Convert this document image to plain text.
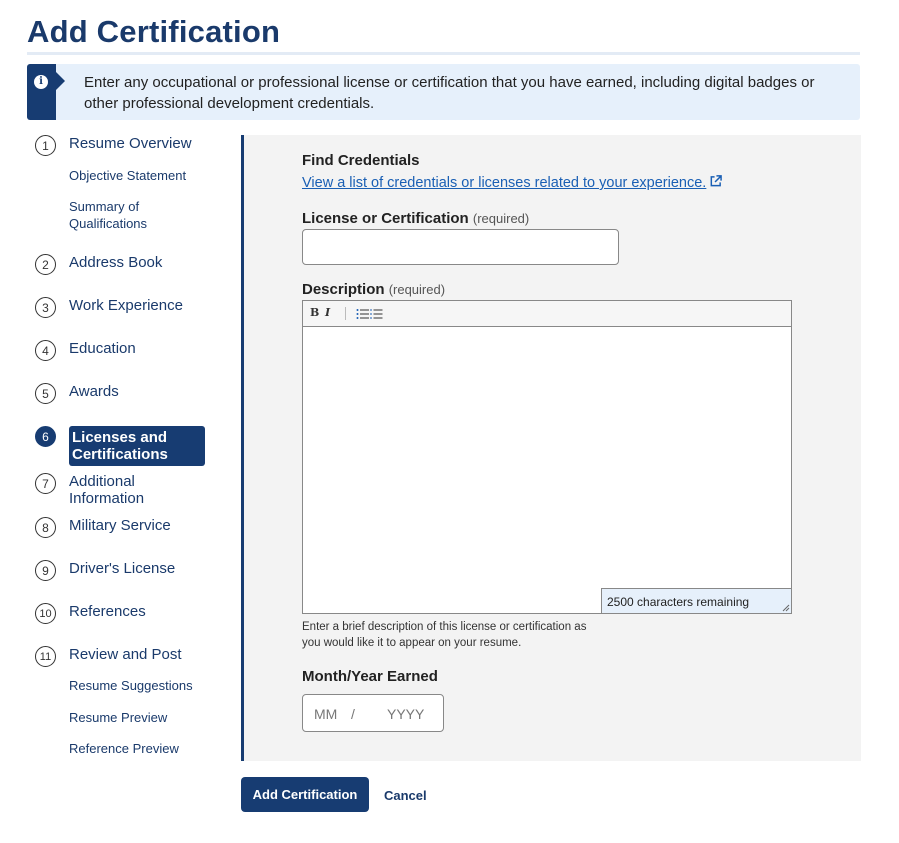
Add Certification
i	Enter any occupational or professional license or certification that you have earned, including digital badges or other professional development credentials.
1	Resume Overview
Objective Statement
Summary of Qualifications
2	Address Book
3	Work Experience
4	Education
5	Awards
6	Licenses and Certifications
7	Additional Information
8	Military Service
9	Driver's License
10 References
11	Review and Post
Resume Suggestions
Resume Preview
Reference Preview
Find Credentials
View a list of credentials or licenses related to your experience.
License or Certification (required)
Description (required)
B I
2500 characters remaining
Enter a brief description of this license or certification as you would like it to appear on your resume.
Month/Year Earned
MM / YYYY
Add Certification	Cancel
